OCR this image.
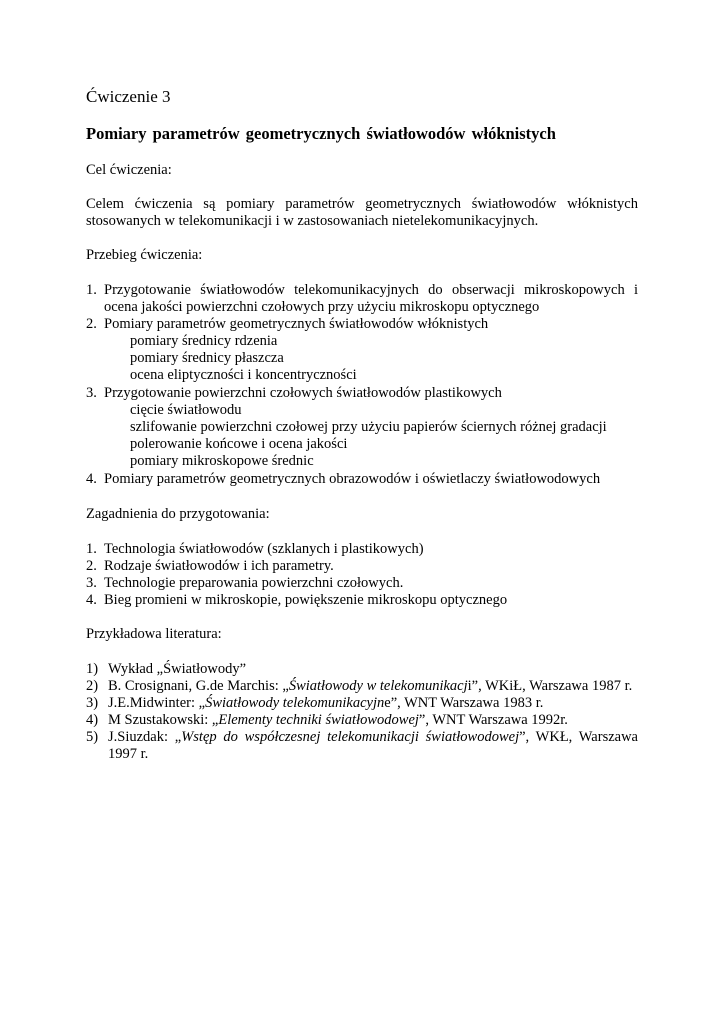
Ćwiczenie 3
Pomiary parametrów geometrycznych światłowodów włóknistych
Cel ćwiczenia:
Celem ćwiczenia są pomiary parametrów geometrycznych światłowodów włóknistych
stosowanych w telekomunikacji i w zastosowaniach nietelekomunikacyjnych.
Przebieg ćwiczenia:
1. Przygotowanie światłowodów telekomunikacyjnych do obserwacji mikroskopowych i
ocena jakości powierzchni czołowych przy użyciu mikroskopu optycznego
2. Pomiary parametrów geometrycznych światłowodów włóknistych
pomiary średnicy rdzenia
pomiary średnicy płaszcza
ocena eliptyczności i koncentryczności
3. Przygotowanie powierzchni czołowych światłowodów plastikowych
cięcie światłowodu
szlifowanie powierzchni czołowej przy użyciu papierów ściernych różnej gradacji
polerowanie końcowe i ocena jakości
pomiary mikroskopowe średnic
4. Pomiary parametrów geometrycznych obrazowodów i oświetlaczy światłowodowych
Zagadnienia do przygotowania:
1. Technologia światłowodów (szklanych i plastikowych)
2. Rodzaje światłowodów i ich parametry.
3. Technologie preparowania powierzchni czołowych.
4. Bieg promieni w mikroskopie, powiększenie mikroskopu optycznego
Przykładowa literatura:
1) Wykład „Światłowody”
2) B. Crosignani, G.de Marchis: „Światłowody w telekomunikacji”, WKiŁ, Warszawa 1987 r.
3) J.E.Midwinter: „Światłowody telekomunikacyjne”, WNT Warszawa 1983 r.
4) M Szustakowski: „Elementy techniki światłowodowej”, WNT Warszawa 1992r.
5) J.Siuzdak: „Wstęp do współczesnej telekomunikacji światłowodowej”, WKŁ, Warszawa
1997 r.
